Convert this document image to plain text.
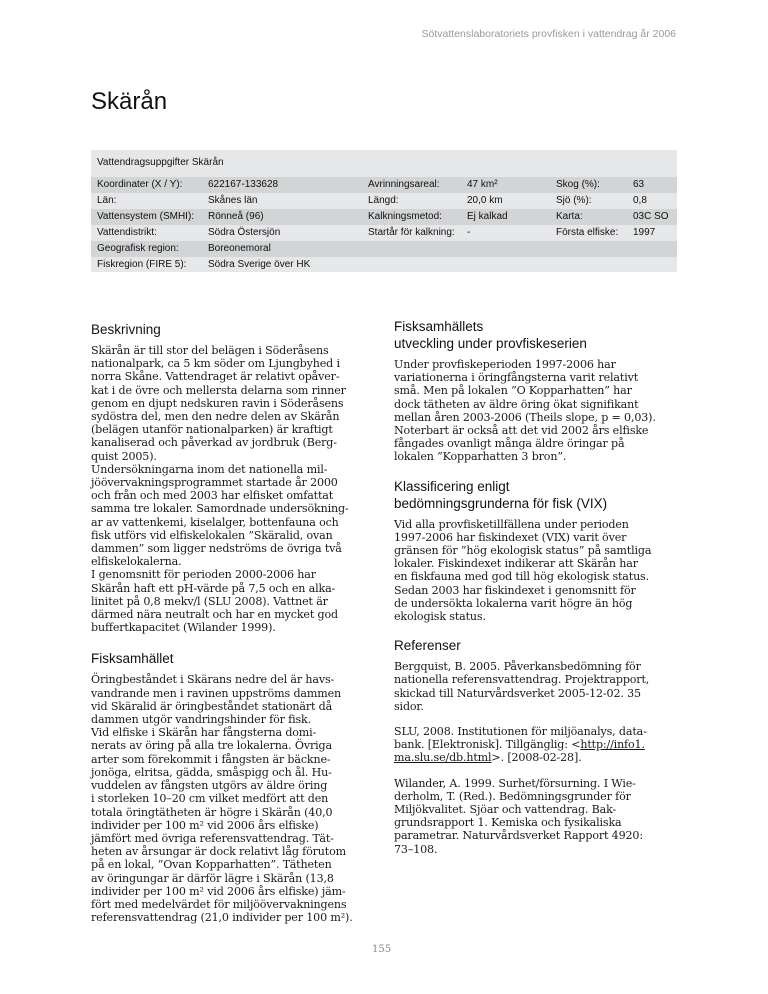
Sötvattenslaboratoriets provfisken i vattendrag år 2006
Skärån
Vattendragsuppgifter Skärån
Koordinater (X / Y):	622167-133628	Avrinningsareal:	47 km²	Skog (%):	63
Län:	Skånes län	Längd:	20,0 km	Sjö (%):	0,8
Vattensystem (SMHI): Rönneå (96)	Kalkningsmetod:	Ej kalkad	Karta:	03C SO
Vattendistrikt:	Södra Östersjön	Startår för kalkning: -	Första elfiske: 1997
Geografisk region:	Boreonemoral
Fiskregion (FIRE 5): Södra Sverige över HK
Beskrivning

Skärån är till stor del belägen i Söderåsens
nationalpark, ca 5 km söder om Ljungbyhed i
norra Skåne. Vattendraget är relativt opåver-
kat i de övre och mellersta delarna som rinner
genom en djupt nedskuren ravin i Söderåsens
sydöstra del, men den nedre delen av Skärån
(belägen utanför nationalparken) är kraftigt
kanaliserad och påverkad av jordbruk (Berg-
quist 2005).

Undersökningarna inom det nationella mil-
jöövervakningsprogrammet startade år 2000
och från och med 2003 har elfisket omfattat
samma tre lokaler. Samordnade undersökning-
ar av vattenkemi, kiselalger, bottenfauna och
fisk utförs vid elfiskelokalen ”Skäralid, ovan
dammen” som ligger nedströms de övriga två
elfiskelokalerna.

I genomsnitt för perioden 2000-2006 har
Skärån haft ett pH-värde på 7,5 och en alka-
linitet på 0,8 mekv/l (SLU 2008). Vattnet är
därmed nära neutralt och har en mycket god
buffertkapacitet (Wilander 1999).

Fisksamhället

Öringbeståndet i Skärans nedre del är havs-
vandrande men i ravinen uppströms dammen
vid Skäralid är öringbeståndet stationärt då
dammen utgör vandringshinder för fisk.

Vid elfiske i Skärån har fångsterna domi-
nerats av öring på alla tre lokalerna. Övriga
arter som förekommit i fångsten är bäckne-
jonöga, elritsa, gädda, småspigg och ål. Hu-
vuddelen av fångsten utgörs av äldre öring
i storleken 10–20 cm vilket medfört att den
totala öringtätheten är högre i Skärån (40,0
individer per 100 m² vid 2006 års elfiske)
jämfört med övriga referensvattendrag. Tät-
heten av årsungar är dock relativt låg förutom
på en lokal, ”Ovan Kopparhatten”. Tätheten
av öringungar är därför lägre i Skärån (13,8
individer per 100 m² vid 2006 års elfiske) jäm-
fört med medelvärdet för miljöövervakningens
referensvattendrag (21,0 individer per 100 m²).

Fisksamhällets
utveckling under provfiskeserien

Under provfiskeperioden 1997-2006 har
variationerna i öringfångsterna varit relativt
små. Men på lokalen ”O Kopparhatten” har
dock tätheten av äldre öring ökat signifikant
mellan åren 2003-2006 (Theils slope, p = 0,03).
Noterbart är också att det vid 2002 års elfiske
fångades ovanligt många äldre öringar på
lokalen ”Kopparhatten 3 bron”.

Klassificering enligt
bedömningsgrunderna för fisk (VIX)

Vid alla provfisketillfällena under perioden
1997-2006 har fiskindexet (VIX) varit över
gränsen för ”hög ekologisk status” på samtliga
lokaler. Fiskindexet indikerar att Skärån har
en fiskfauna med god till hög ekologisk status.
Sedan 2003 har fiskindexet i genomsnitt för
de undersökta lokalerna varit högre än hög
ekologisk status.

Referenser

Bergquist, B. 2005. Påverkansbedömning för
nationella referensvattendrag. Projektrapport,
skickad till Naturvårdsverket 2005-12-02. 35
sidor.

SLU, 2008. Institutionen för miljöanalys, data-
bank. [Elektronisk]. Tillgänglig: <http://info1.
ma.slu.se/db.html>. [2008-02-28].

Wilander, A. 1999. Surhet/försurning. I Wie-
derholm, T. (Red.). Bedömningsgrunder för
Miljökvalitet. Sjöar och vattendrag. Bak-
grundsrapport 1. Kemiska och fysikaliska
parametrar. Naturvårdsverket Rapport 4920:
73–108.

155
